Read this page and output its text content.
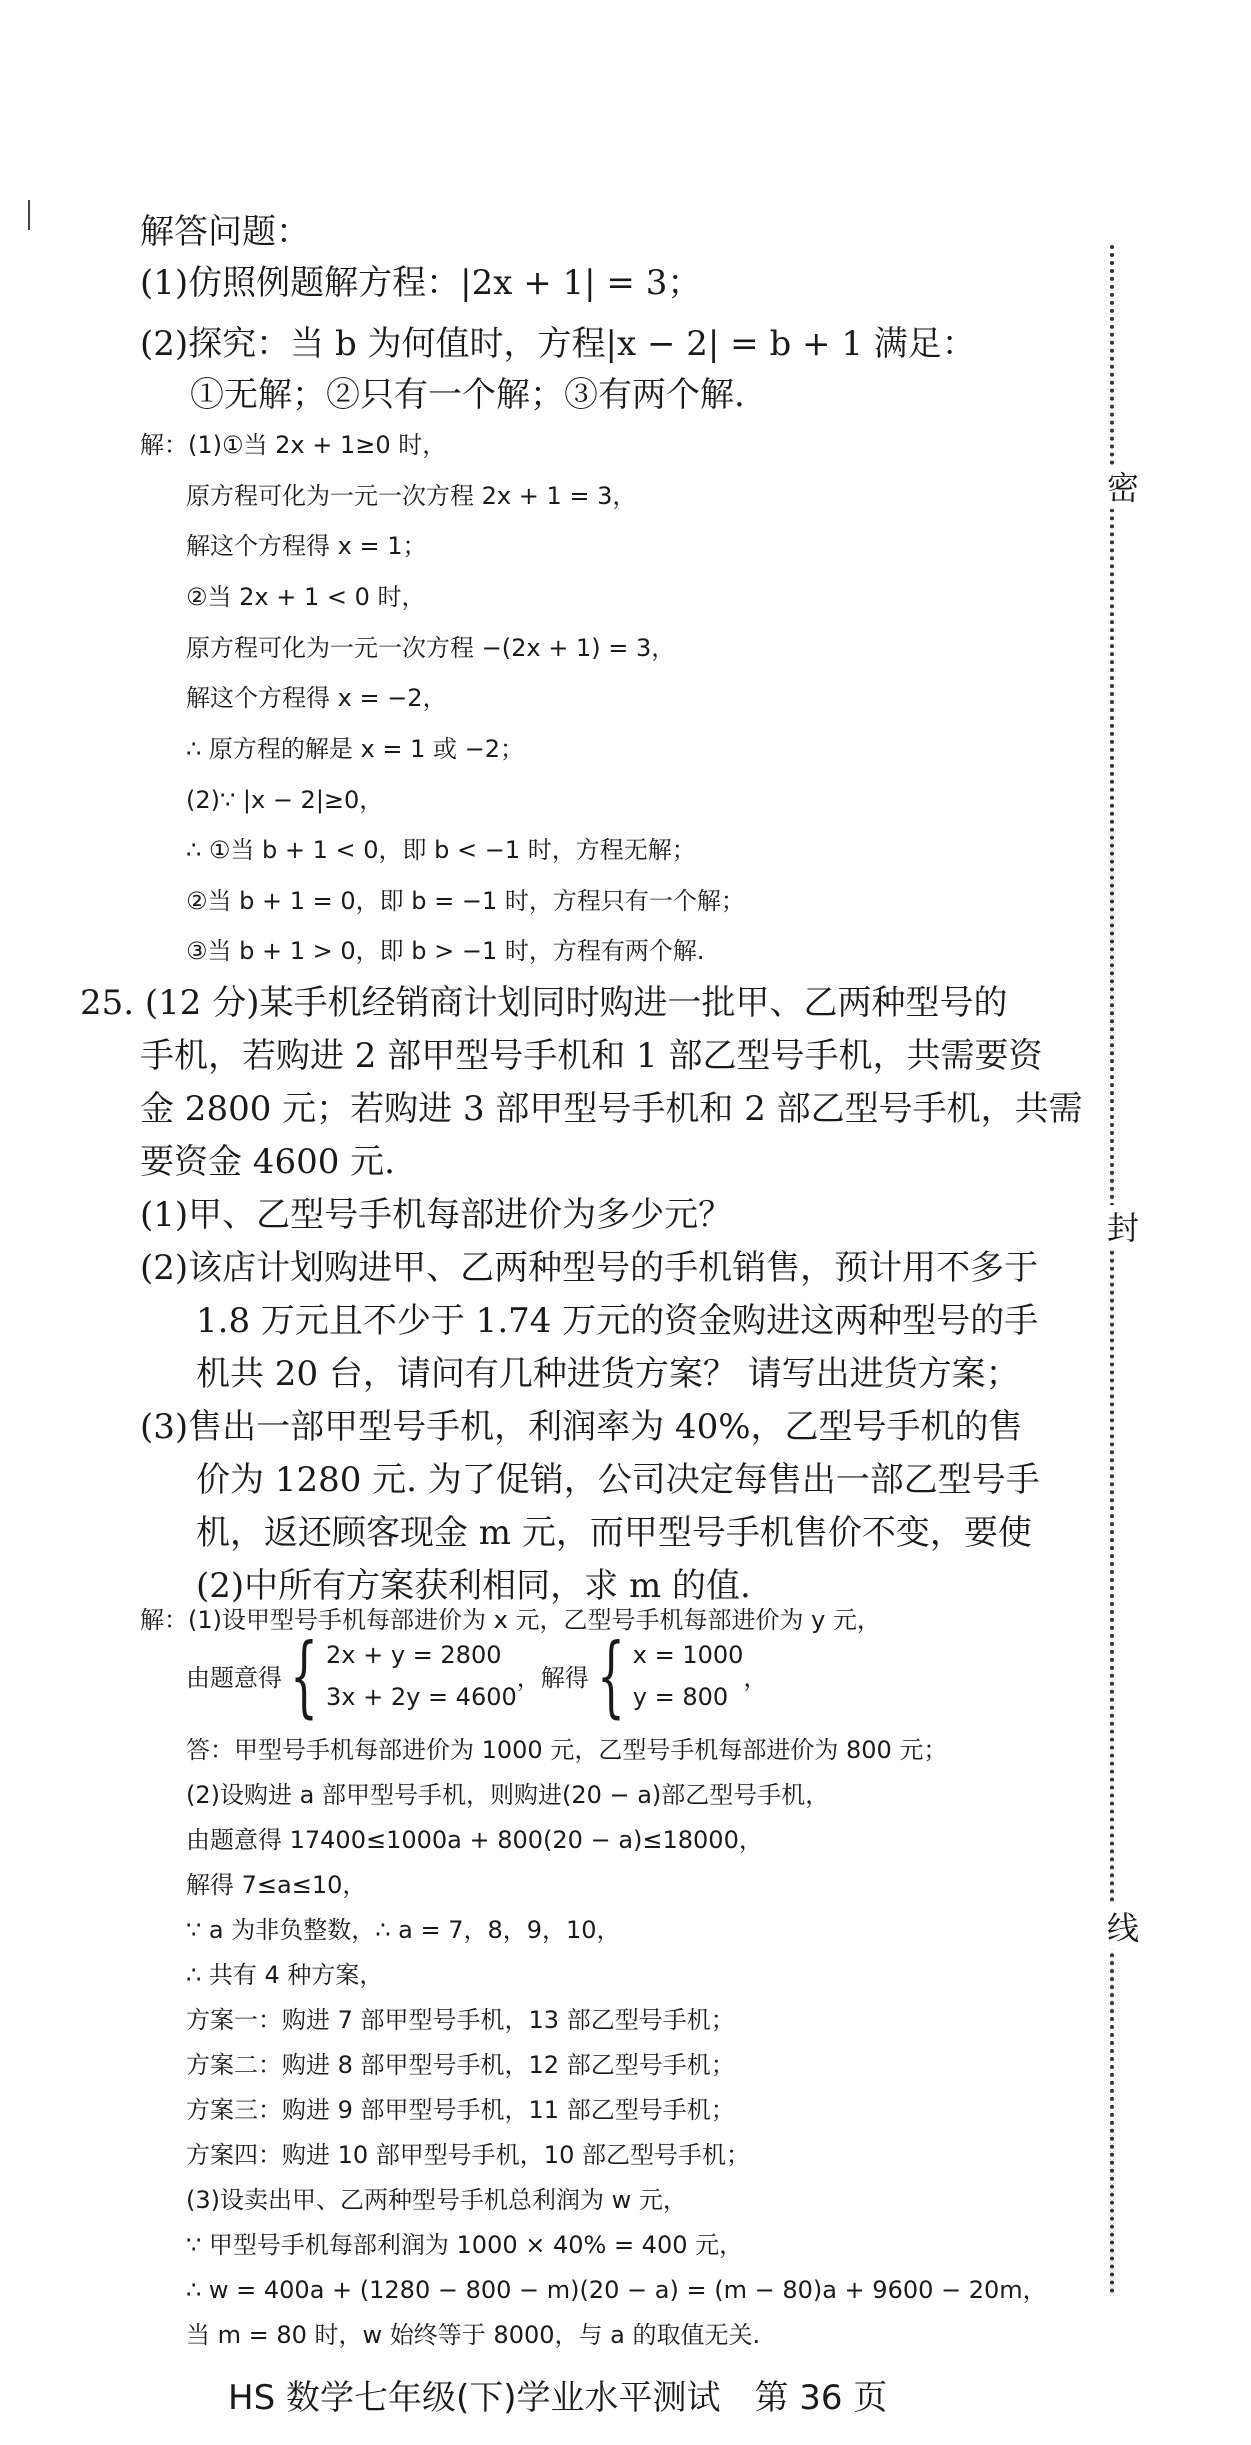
密
封
线
解答问题：
(1)仿照例题解方程：|2x + 1| = 3；
(2)探究：当 b 为何值时，方程|x − 2| = b + 1 满足：
①无解；②只有一个解；③有两个解.
解：(1)①当 2x + 1≥0 时，
原方程可化为一元一次方程 2x + 1 = 3，
解这个方程得 x = 1；
②当 2x + 1 < 0 时，
原方程可化为一元一次方程 −(2x + 1) = 3，
解这个方程得 x = −2，
∴ 原方程的解是 x = 1 或 −2；
(2)∵ |x − 2|≥0，
∴ ①当 b + 1 < 0，即 b < −1 时，方程无解；
②当 b + 1 = 0，即 b = −1 时，方程只有一个解；
③当 b + 1 > 0，即 b > −1 时，方程有两个解.
25. (12 分)某手机经销商计划同时购进一批甲、乙两种型号的
手机，若购进 2 部甲型号手机和 1 部乙型号手机，共需要资
金 2800 元；若购进 3 部甲型号手机和 2 部乙型号手机，共需
要资金 4600 元.
(1)甲、乙型号手机每部进价为多少元？
(2)该店计划购进甲、乙两种型号的手机销售，预计用不多于
1.8 万元且不少于 1.74 万元的资金购进这两种型号的手
机共 20 台，请问有几种进货方案？ 请写出进货方案；
(3)售出一部甲型号手机，利润率为 40%，乙型号手机的售
价为 1280 元. 为了促销，公司决定每售出一部乙型号手
机，返还顾客现金 m 元，而甲型号手机售价不变，要使
(2)中所有方案获利相同，求 m 的值.
解：(1)设甲型号手机每部进价为 x 元，乙型号手机每部进价为 y 元，
由题意得 { 2x + y = 2800
3x + 2y = 4600
，解得 { x = 1000
y = 800
，
答：甲型号手机每部进价为 1000 元，乙型号手机每部进价为 800 元；
(2)设购进 a 部甲型号手机，则购进(20 − a)部乙型号手机，
由题意得 17400≤1000a + 800(20 − a)≤18000，
解得 7≤a≤10，
∵ a 为非负整数，∴ a = 7，8，9，10，
∴ 共有 4 种方案，
方案一：购进 7 部甲型号手机，13 部乙型号手机；
方案二：购进 8 部甲型号手机，12 部乙型号手机；
方案三：购进 9 部甲型号手机，11 部乙型号手机；
方案四：购进 10 部甲型号手机，10 部乙型号手机；
(3)设卖出甲、乙两种型号手机总利润为 w 元，
∵ 甲型号手机每部利润为 1000 × 40% = 400 元，
∴ w = 400a + (1280 − 800 − m)(20 − a) = (m − 80)a + 9600 − 20m，
当 m = 80 时，w 始终等于 8000，与 a 的取值无关.
HS 数学七年级(下)学业水平测试　第 36 页
